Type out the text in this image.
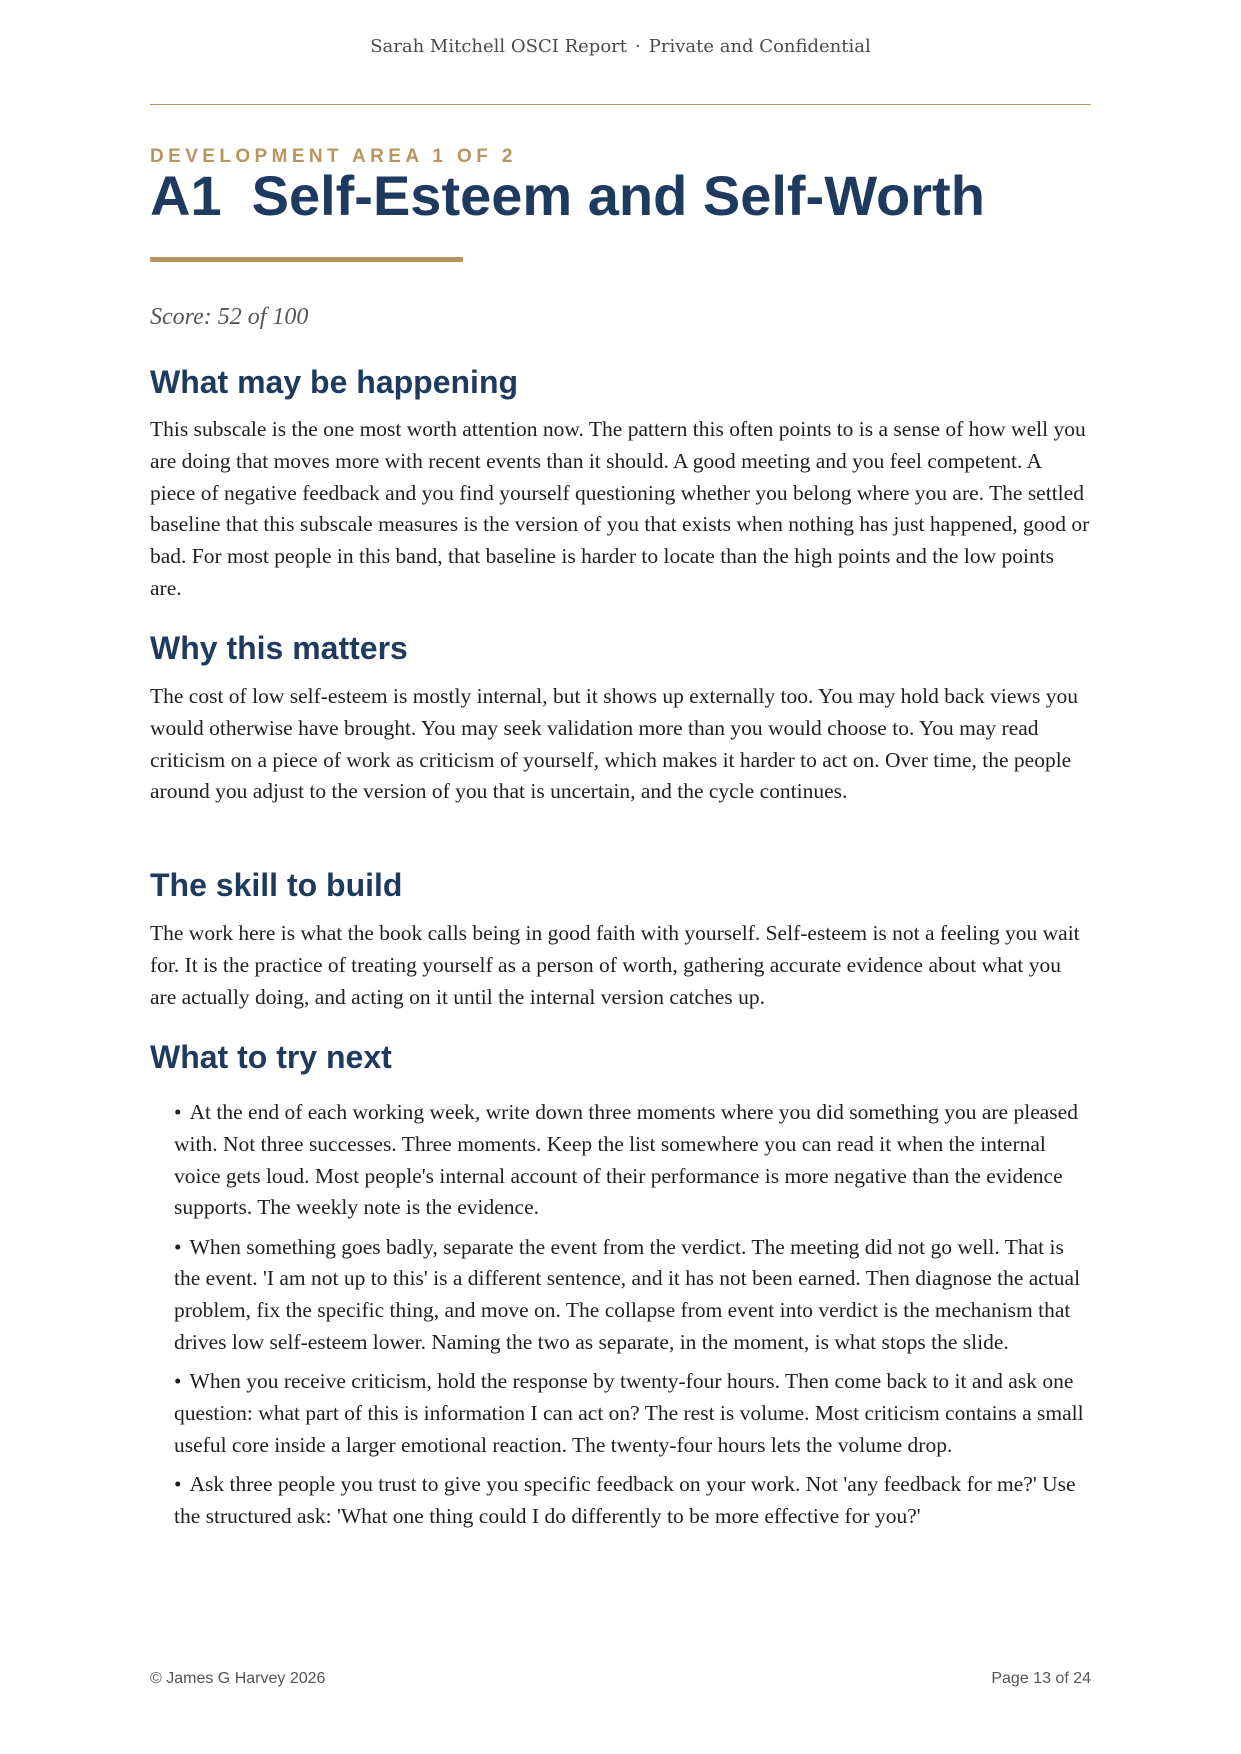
Sarah Mitchell OSCI Report · Private and Confidential
DEVELOPMENT AREA 1 OF 2
A1 Self-Esteem and Self-Worth
Score: 52 of 100
What may be happening

This subscale is the one most worth attention now. The pattern this often points to is a sense of how well you are doing that moves more with recent events than it should. A good meeting and you feel competent. A piece of negative feedback and you find yourself questioning whether you belong where you are. The settled baseline that this subscale measures is the version of you that exists when nothing has just happened, good or bad. For most people in this band, that baseline is harder to locate than the high points and the low points are.

Why this matters

The cost of low self-esteem is mostly internal, but it shows up externally too. You may hold back views you would otherwise have brought. You may seek validation more than you would choose to. You may read criticism on a piece of work as criticism of yourself, which makes it harder to act on. Over time, the people around you adjust to the version of you that is uncertain, and the cycle continues.

The skill to build

The work here is what the book calls being in good faith with yourself. Self-esteem is not a feeling you wait for. It is the practice of treating yourself as a person of worth, gathering accurate evidence about what you are actually doing, and acting on it until the internal version catches up.

What to try next
• At the end of each working week, write down three moments where you did something you are pleased with. Not three successes. Three moments. Keep the list somewhere you can read it when the internal voice gets loud. Most people's internal account of their performance is more negative than the evidence supports. The weekly note is the evidence.
• When something goes badly, separate the event from the verdict. The meeting did not go well. That is the event. 'I am not up to this' is a different sentence, and it has not been earned. Then diagnose the actual problem, fix the specific thing, and move on. The collapse from event into verdict is the mechanism that drives low self-esteem lower. Naming the two as separate, in the moment, is what stops the slide.
• When you receive criticism, hold the response by twenty-four hours. Then come back to it and ask one question: what part of this is information I can act on? The rest is volume. Most criticism contains a small useful core inside a larger emotional reaction. The twenty-four hours lets the volume drop.
• Ask three people you trust to give you specific feedback on your work. Not 'any feedback for me?' Use the structured ask: 'What one thing could I do differently to be more effective for you?'
© James G Harvey 2026	Page 13 of 24
